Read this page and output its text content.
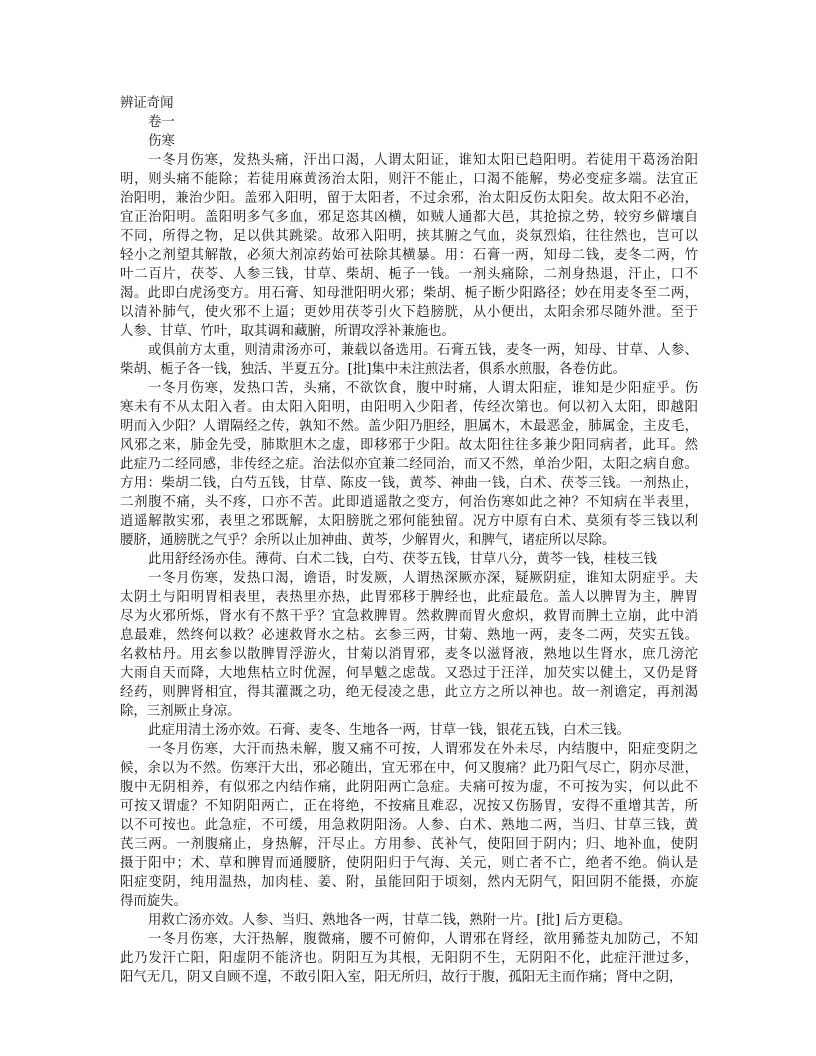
辨证奇闻
卷一
伤寒
一冬月伤寒，发热头痛，汗出口渴，人谓太阳证，谁知太阳已趋阳明。若徒用干葛汤治阳
明，则头痛不能除；若徒用麻黄汤治太阳，则汗不能止，口渴不能解，势必变症多端。法宜正
治阳明，兼治少阳。盖邪入阳明，留于太阳者，不过余邪，治太阳反伤太阳矣。故太阳不必治，
宜正治阳明。盖阳明多气多血，邪足恣其凶横，如贼人通都大邑，其抢掠之势，较穷乡僻壤自
不同，所得之物，足以供其跳梁。故邪入阳明，挟其腑之气血，炎氛烈焰，往往然也，岂可以
轻小之剂望其解散，必须大剂凉药始可祛除其横暴。用：石膏一两，知母二钱，麦冬二两，竹
叶二百片，茯苓、人参三钱，甘草、柴胡、栀子一钱。一剂头痛除，二剂身热退，汗止，口不
渴。此即白虎汤变方。用石膏、知母泄阳明火邪；柴胡、栀子断少阳路径；妙在用麦冬至二两，
以清补肺气，使火邪不上逼；更妙用茯苓引火下趋膀胱，从小便出，太阳余邪尽随外泄。至于
人参、甘草、竹叶，取其调和藏腑，所谓攻浮补兼施也。
或俱前方太重，则清肃汤亦可，兼载以备选用。石膏五钱，麦冬一两，知母、甘草、人参、
柴胡、栀子各一钱，独活、半夏五分。[批]集中未注煎法者，俱系水煎服，各卷仿此。
一冬月伤寒，发热口苦，头痛，不欲饮食，腹中时痛，人谓太阳症，谁知是少阳症乎。伤
寒未有不从太阳入者。由太阳入阳明，由阳明入少阳者，传经次第也。何以初入太阳，即越阳
明而入少阳？人谓隔经之传，孰知不然。盖少阳乃胆经，胆属木，木最恶金，肺属金，主皮毛，
风邪之来，肺金先受，肺欺胆木之虚，即移邪于少阳。故太阳往往多兼少阳同病者，此耳。然
此症乃二经同感，非传经之症。治法似亦宜兼二经同治，而又不然，单治少阳，太阳之病自愈。
方用：柴胡二钱，白芍五钱，甘草、陈皮一钱，黄芩、神曲一钱，白术、茯苓三钱。一剂热止，
二剂腹不痛，头不疼，口亦不苦。此即逍遥散之变方，何治伤寒如此之神？不知病在半表里，
逍遥解散实邪，表里之邪既解，太阳膀胱之邪何能独留。况方中原有白术、莫须有苓三钱以利
腰脐，通膀胱之气乎？余所以止加神曲、黄芩，少解胃火，和脾气，诸症所以尽除。
此用舒经汤亦佳。薄荷、白术二钱，白芍、茯苓五钱，甘草八分，黄芩一钱，桂枝三钱
一冬月伤寒，发热口渴，谵语，时发厥，人谓热深厥亦深，疑厥阴症，谁知太阴症乎。夫
太阴土与阳明胃相表里，表热里亦热，此胃邪移于脾经也，此症最危。盖人以脾胃为主，脾胃
尽为火邪所烁，肾水有不熬干乎？宜急救脾胃。然救脾而胃火愈炽，救胃而脾土立崩，此中消
息最难，然终何以救？必速救肾水之枯。玄参三两，甘菊、熟地一两，麦冬二两，芡实五钱。
名救枯丹。用玄参以散脾胃浮游火，甘菊以消胃邪，麦冬以滋肾液，熟地以生肾水，庶几滂沱
大雨自天而降，大地焦枯立时优渥，何旱魃之虑哉。又恐过于汪洋，加芡实以健土，又仍是肾
经药，则脾肾相宜，得其灌溉之功，绝无侵凌之患，此立方之所以神也。故一剂谵定，再剂渴
除，三剂厥止身凉。
此症用清土汤亦效。石膏、麦冬、生地各一两，甘草一钱，银花五钱，白术三钱。
一冬月伤寒，大汗而热未解，腹又痛不可按，人谓邪发在外未尽，内结腹中，阳症变阴之
候，余以为不然。伤寒汗大出，邪必随出，宜无邪在中，何又腹痛？此乃阳气尽亡，阴亦尽泄，
腹中无阴相养，有似邪之内结作痛，此阴阳两亡急症。夫痛可按为虚，不可按为实，何以此不
可按又谓虚？不知阴阳两亡，正在将绝，不按痛且难忍，况按又伤肠胃，安得不重增其苦，所
以不可按也。此急症，不可缓，用急救阴阳汤。人参、白术、熟地二两，当归、甘草三钱，黄
芪三两。一剂腹痛止，身热解，汗尽止。方用参、芪补气，使阳回于阴内；归、地补血，使阴
摄于阳中；术、草和脾胃而通腰脐，使阴阳归于气海、关元，则亡者不亡，绝者不绝。倘认是
阳症变阴，纯用温热，加肉桂、姜、附，虽能回阳于顷刻，然内无阴气，阳回阴不能摄，亦旋
得而旋失。
用救亡汤亦效。人参、当归、熟地各一两，甘草二钱，熟附一片。[批] 后方更稳。
一冬月伤寒，大汗热解，腹微痛，腰不可俯仰，人谓邪在肾经，欲用豨莶丸加防己，不知
此乃发汗亡阳，阳虚阴不能济也。阴阳互为其根，无阳阴不生，无阴阳不化，此症汗泄过多，
阳气无几，阴又自顾不遑，不敢引阳入室，阳无所归，故行于腹，孤阳无主而作痛；肾中之阴，
